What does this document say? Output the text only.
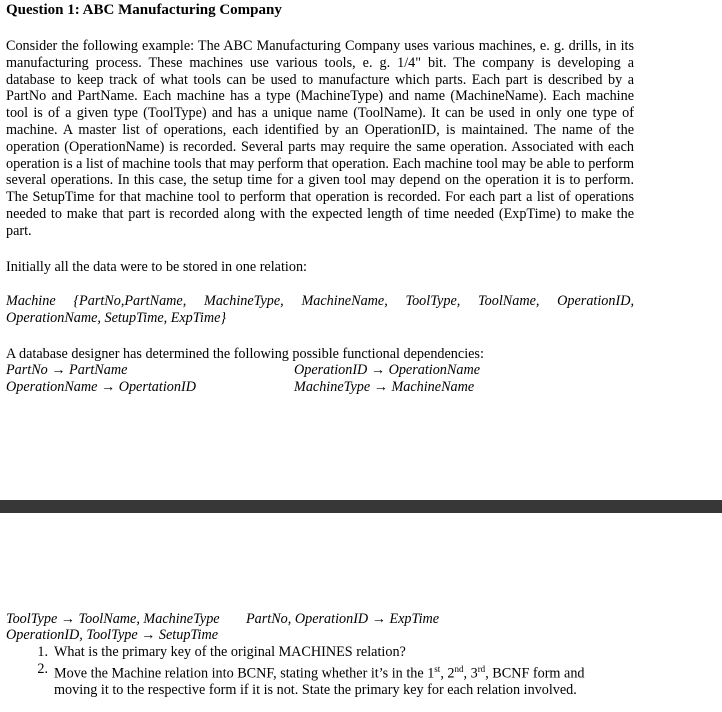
Question 1: ABC Manufacturing Company

Consider the following example: The ABC Manufacturing Company uses various machines, e. g. drills, in its manufacturing process. These machines use various tools, e. g. 1/4" bit. The company is developing a database to keep track of what tools can be used to manufacture which parts. Each part is described by a PartNo and PartName. Each machine has a type (MachineType) and name (MachineName). Each machine tool is of a given type (ToolType) and has a unique name (ToolName). It can be used in only one type of machine. A master list of operations, each identified by an OperationID, is maintained. The name of the operation (OperationName) is recorded. Several parts may require the same operation. Associated with each operation is a list of machine tools that may perform that operation. Each machine tool may be able to perform several operations. In this case, the setup time for a given tool may depend on the operation it is to perform. The SetupTime for that machine tool to perform that operation is recorded. For each part a list of operations needed to make that part is recorded along with the expected length of time needed (ExpTime) to make the part.

Initially all the data were to be stored in one relation:

Machine {PartNo,PartName, MachineType, MachineName, ToolType, ToolName, OperationID, OperationName, SetupTime, ExpTime}

A database designer has determined the following possible functional dependencies:
PartNo → PartName	OperationID → OperationName
OperationName → OpertationID	MachineType → MachineName
ToolType → ToolName, MachineType PartNo, OperationID → ExpTime
OperationID, ToolType → SetupTime
1. What is the primary key of the original MACHINES relation?
2. Move the Machine relation into BCNF, stating whether it’s in the 1st, 2nd, 3rd, BCNF form and moving it to the respective form if it is not. State the primary key for each relation involved.
